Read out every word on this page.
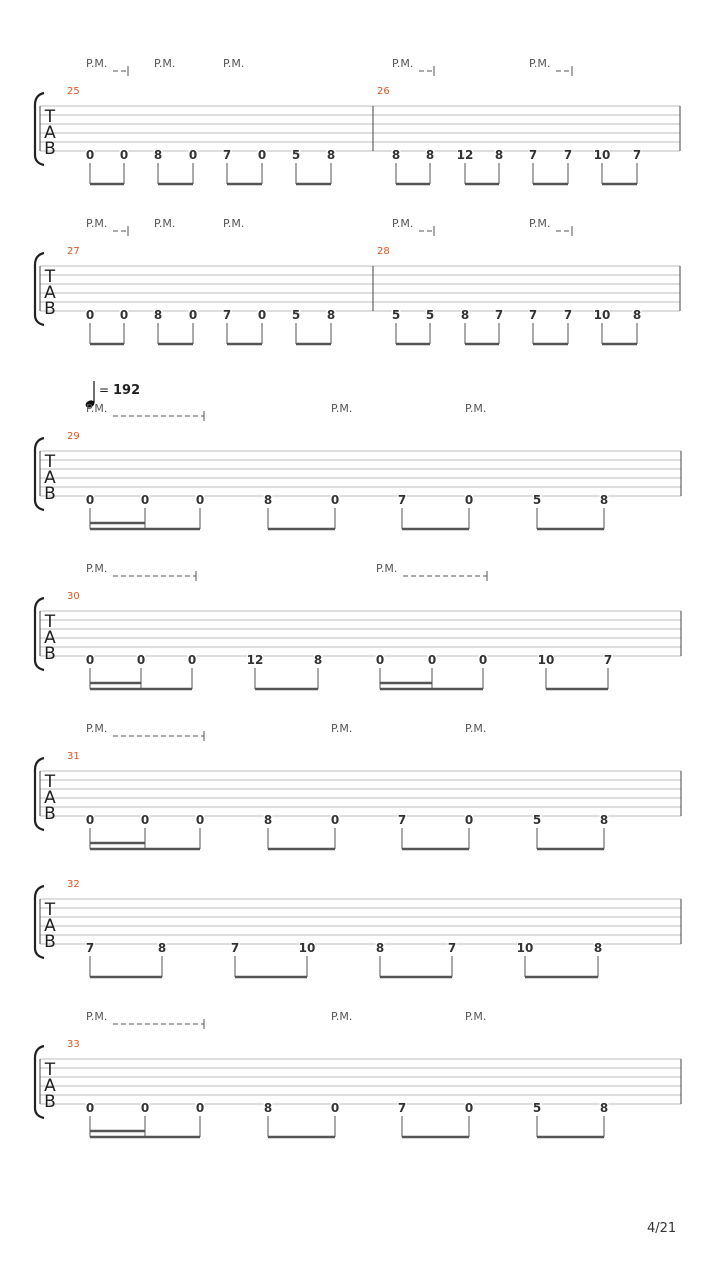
T
A
B
25
P.M.	P.M.	P.M.
0 0 8 0 7 0 5 8
26
P.M.	P.M.
8 8 12 8 7 7 10 7
T
A
B
27
P.M.	P.M.	P.M.
0 0 8 0 7 0 5 8
28
P.M.	P.M.
5 5 8 7 7 7 10 8
T
A
B
= 192
29
P.M.	P.M.	P.M.
0	0	0	8	0	7	0	5	8
T
A
B
30
P.M.	P.M.
0	0	0	12	8	0	0	0	10	7
T
A
B
31
P.M.	P.M.	P.M.
0	0	0	8	0	7	0	5	8
T
A
B
32
7	8	7	10	8	7	10	8
T
A
B
33
P.M.	P.M.	P.M.
0	0	0	8	0	7	0	5	8
4/21
